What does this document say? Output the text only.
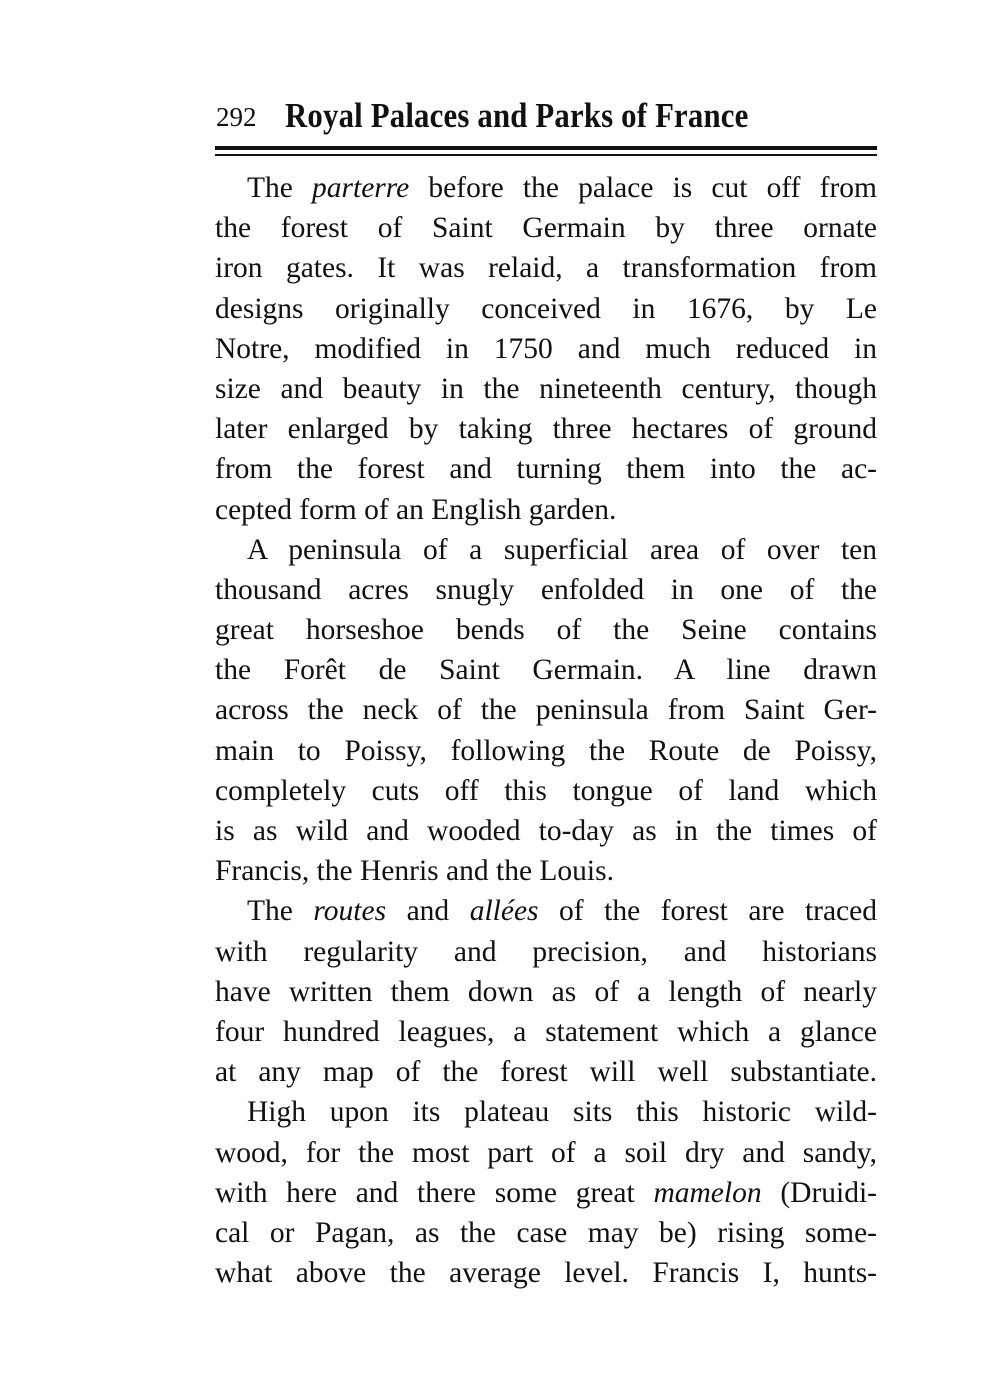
292 Royal Palaces and Parks of France
The parterre before the palace is cut off from
the forest of Saint Germain by three ornate
iron gates. It was relaid, a transformation from
designs originally conceived in 1676, by Le
Notre, modified in 1750 and much reduced in
size and beauty in the nineteenth century, though
later enlarged by taking three hectares of ground
from the forest and turning them into the ac-
cepted form of an English garden.
A peninsula of a superficial area of over ten
thousand acres snugly enfolded in one of the
great horseshoe bends of the Seine contains
the Forêt de Saint Germain. A line drawn
across the neck of the peninsula from Saint Ger-
main to Poissy, following the Route de Poissy,
completely cuts off this tongue of land which
is as wild and wooded to-day as in the times of
Francis, the Henris and the Louis.
The routes and allées of the forest are traced
with regularity and precision, and historians
have written them down as of a length of nearly
four hundred leagues, a statement which a glance
at any map of the forest will well substantiate.
High upon its plateau sits this historic wild-
wood, for the most part of a soil dry and sandy,
with here and there some great mamelon (Druidi-
cal or Pagan, as the case may be) rising some-
what above the average level. Francis I, hunts-
